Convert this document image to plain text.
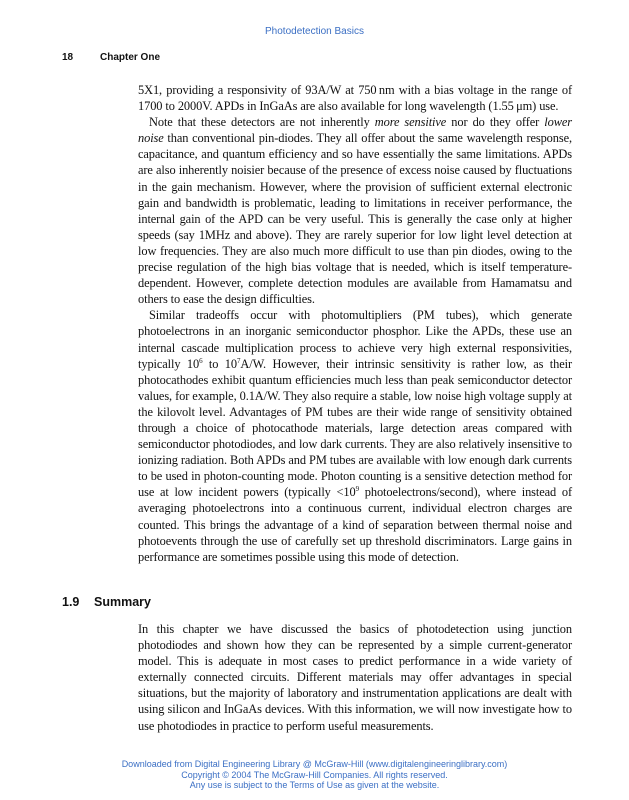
Photodetection Basics
18	Chapter One

5X1, providing a responsivity of 93A/W at 750 nm with a bias voltage in the range of 1700 to 2000V. APDs in InGaAs are also available for long wavelength (1.55 μm) use.

Note that these detectors are not inherently more sensitive nor do they offer lower noise than conventional pin-diodes. They all offer about the same wavelength response, capacitance, and quantum efficiency and so have essentially the same limitations. APDs are also inherently noisier because of the presence of excess noise caused by fluctuations in the gain mechanism. However, where the provision of sufficient external electronic gain and bandwidth is problematic, leading to limitations in receiver performance, the internal gain of the APD can be very useful. This is generally the case only at higher speeds (say 1MHz and above). They are rarely superior for low light level detection at low frequencies. They are also much more difficult to use than pin diodes, owing to the precise regulation of the high bias voltage that is needed, which is itself temperature-dependent. However, complete detection modules are available from Hamamatsu and others to ease the design difficulties.

Similar tradeoffs occur with photomultipliers (PM tubes), which generate photoelectrons in an inorganic semiconductor phosphor. Like the APDs, these use an internal cascade multiplication process to achieve very high external responsivities, typically $10^6$ to $10^7A/W$. However, their intrinsic sensitivity is rather low, as their photocathodes exhibit quantum efficiencies much less than peak semiconductor detector values, for example, 0.1A/W. They also require a stable, low noise high voltage supply at the kilovolt level. Advantages of PM tubes are their wide range of sensitivity obtained through a choice of photocathode materials, large detection areas compared with semiconductor photodiodes, and low dark currents. They are also relatively insensitive to ionizing radiation. Both APDs and PM tubes are available with low enough dark currents to be used in photon-counting mode. Photon counting is a sensitive detection method for use at low incident powers (typically $<10^9$ photoelectrons/second), where instead of averaging photoelectrons into a continuous current, individual electron charges are counted. This brings the advantage of a kind of separation between thermal noise and photoevents through the use of carefully set up threshold discriminators. Large gains in performance are sometimes possible using this mode of detection.

1.9 Summary

In this chapter we have discussed the basics of photodetection using junction photodiodes and shown how they can be represented by a simple current-generator model. This is adequate in most cases to predict performance in a wide variety of externally connected circuits. Different materials may offer advantages in special situations, but the majority of laboratory and instrumentation applications are dealt with using silicon and InGaAs devices. With this information, we will now investigate how to use photodiodes in practice to perform useful measurements.

Downloaded from Digital Engineering Library @ McGraw-Hill (www.digitalengineeringlibrary.com)
Copyright © 2004 The McGraw-Hill Companies. All rights reserved.
Any use is subject to the Terms of Use as given at the website.
